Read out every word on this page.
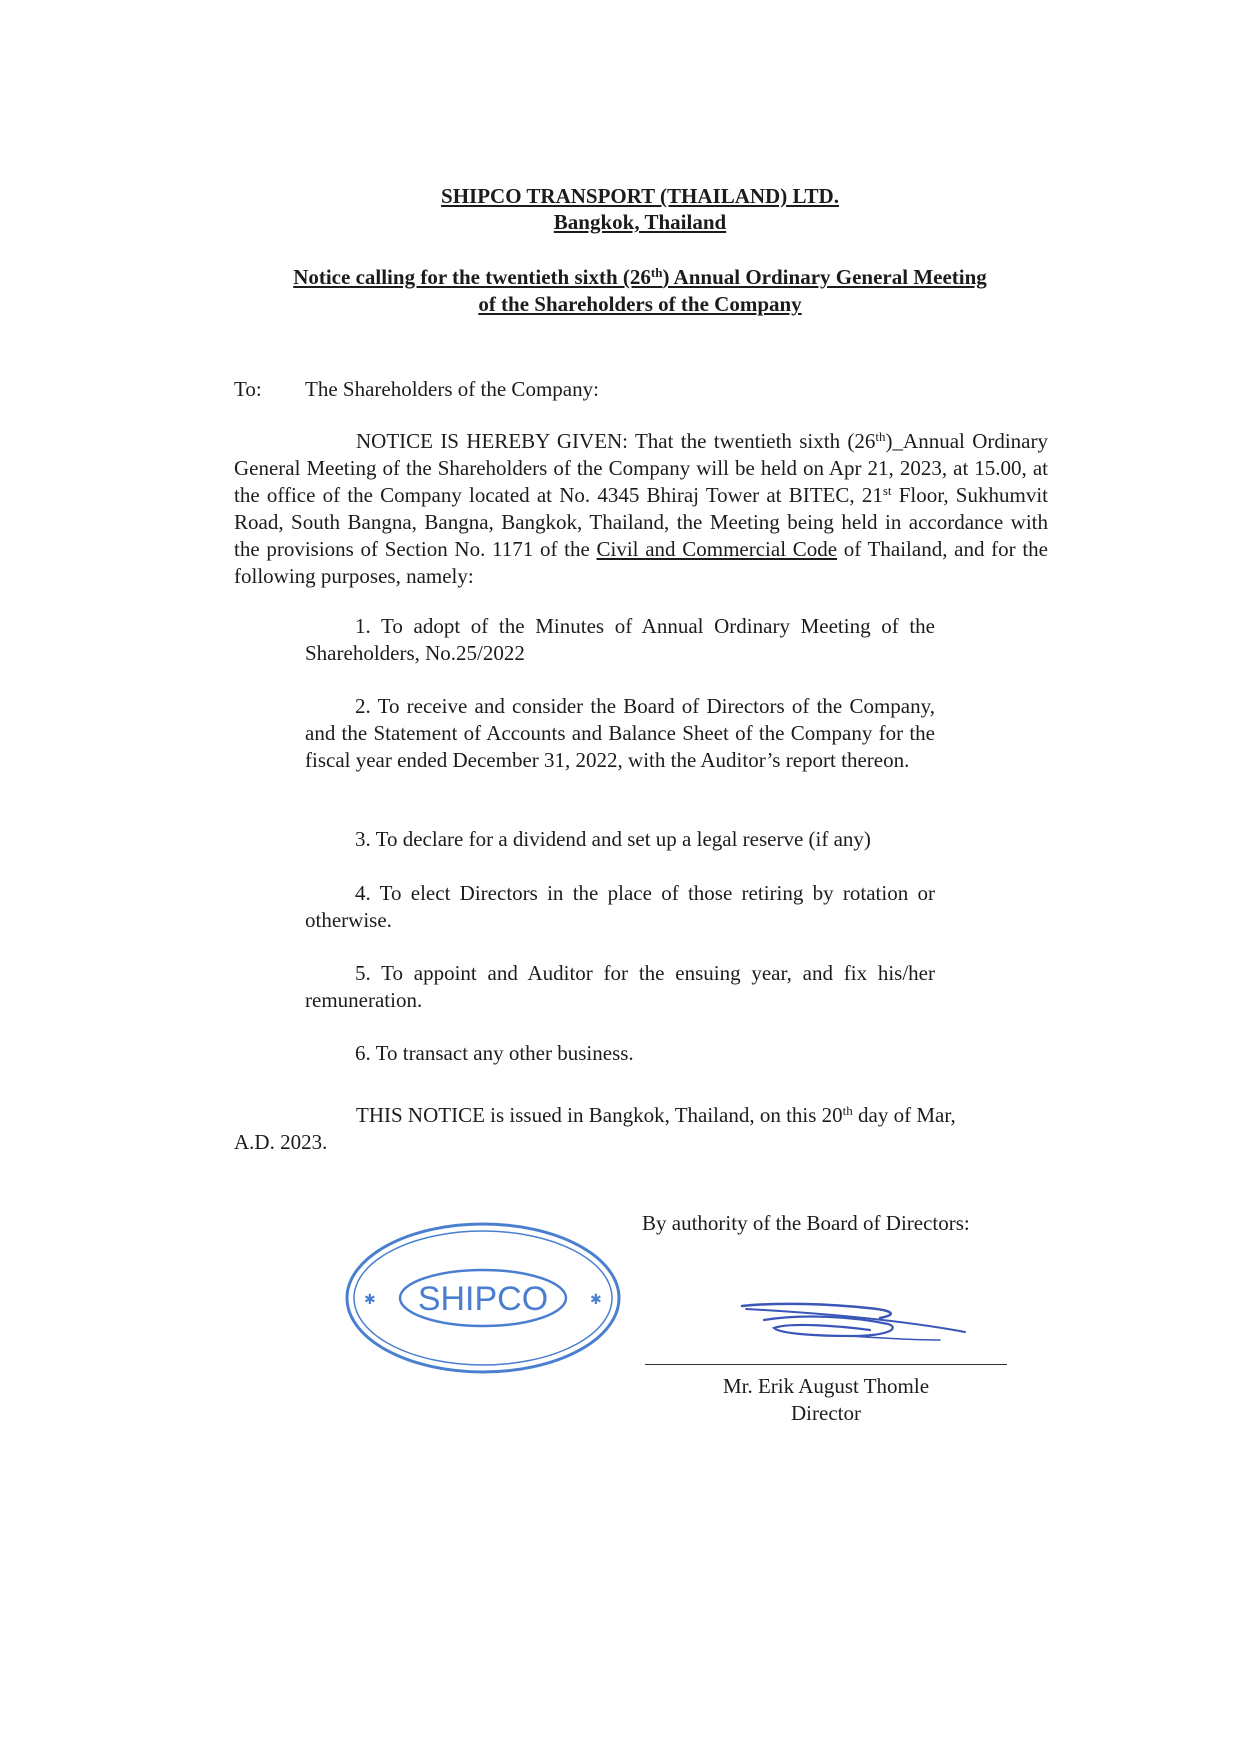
SHIPCO TRANSPORT (THAILAND) LTD.
Bangkok, Thailand
Notice calling for the twentieth sixth (26th) Annual Ordinary General Meeting
of the Shareholders of the Company
To: The Shareholders of the Company:

NOTICE IS HEREBY GIVEN: That the twentieth sixth (26th)_Annual Ordinary General Meeting of the Shareholders of the Company will be held on Apr 21, 2023, at 15.00, at the office of the Company located at No. 4345 Bhiraj Tower at BITEC, 21st Floor, Sukhumvit Road, South Bangna, Bangna, Bangkok, Thailand, the Meeting being held in accordance with the provisions of Section No. 1171 of the Civil and Commercial Code of Thailand, and for the following purposes, namely:

1. To adopt of the Minutes of Annual Ordinary Meeting of the Shareholders, No.25/2022

2. To receive and consider the Board of Directors of the Company, and the Statement of Accounts and Balance Sheet of the Company for the fiscal year ended December 31, 2022, with the Auditor’s report thereon.

3. To declare for a dividend and set up a legal reserve (if any)

4. To elect Directors in the place of those retiring by rotation or otherwise.

5. To appoint and Auditor for the ensuing year, and fix his/her remuneration.

6. To transact any other business.

THIS NOTICE is issued in Bangkok, Thailand, on this 20th day of Mar,

A.D. 2023.

By authority of the Board of Directors:
SHIPCO
✱	✱
Mr. Erik August Thomle
Director
